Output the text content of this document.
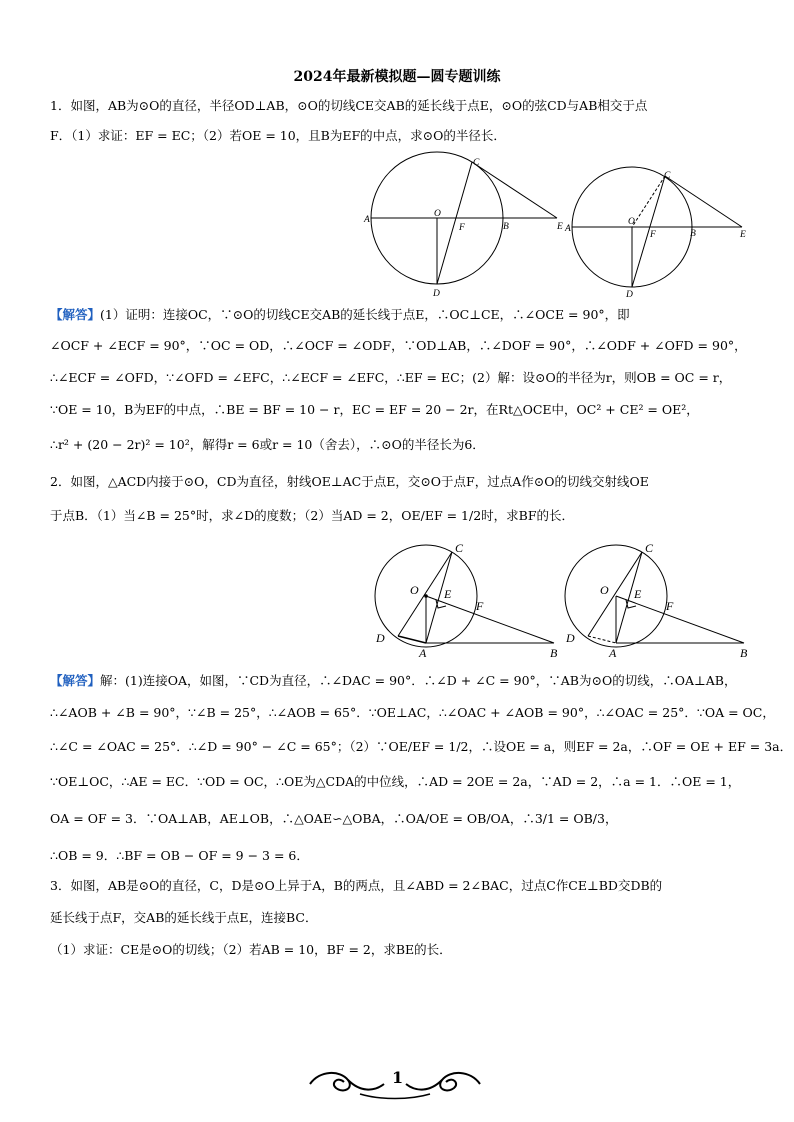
2024年最新模拟题—圆专题训练
1．如图，AB为⊙O的直径，半径OD⊥AB，⊙O的切线CE交AB的延长线于点E，⊙O的弦CD与AB相交于点
F．（1）求证：EF = EC；（2）若OE = 10，且B为EF的中点，求⊙O的半径长．
A
O
F	B	E
C
D
A
O
F	B	E
C
D
【解答】(1）证明：连接OC，∵⊙O的切线CE交AB的延长线于点E，∴OC⊥CE，∴∠OCE = 90°，即
∠OCF + ∠ECF = 90°，∵OC = OD，∴∠OCF = ∠ODF，∵OD⊥AB，∴∠DOF = 90°，∴∠ODF + ∠OFD = 90°，
∴∠ECF = ∠OFD，∵∠OFD = ∠EFC，∴∠ECF = ∠EFC，∴EF = EC；(2）解：设⊙O的半径为r，则OB = OC = r，
∵OE = 10，B为EF的中点，∴BE = BF = 10 − r，EC = EF = 20 − 2r，在Rt△OCE中，OC² + CE² = OE²，
∴r² + (20 − 2r)² = 10²，解得r = 6或r = 10（舍去），∴⊙O的半径长为6．
2．如图，△ACD内接于⊙O，CD为直径，射线OE⊥AC于点E，交⊙O于点F，过点A作⊙O的切线交射线OE
于点B．（1）当∠B = 25°时，求∠D的度数；（2）当AD = 2，OE/EF = 1/2时，求BF的长．
C
O E
F
D
A	B
C
O E
F
D
A	B
【解答】解：(1)连接OA，如图，∵CD为直径，∴∠DAC = 90°．∴∠D + ∠C = 90°，∵AB为⊙O的切线，∴OA⊥AB，
∴∠AOB + ∠B = 90°，∵∠B = 25°，∴∠AOB = 65°．∵OE⊥AC，∴∠OAC + ∠AOB = 90°，∴∠OAC = 25°．∵OA = OC，
∴∠C = ∠OAC = 25°．∴∠D = 90° − ∠C = 65°；（2）∵OE/EF = 1/2，∴设OE = a，则EF = 2a，∴OF = OE + EF = 3a．
∵OE⊥OC，∴AE = EC．∵OD = OC，∴OE为△CDA的中位线，∴AD = 2OE = 2a，∵AD = 2，∴a = 1．∴OE = 1，
OA = OF = 3．∵OA⊥AB，AE⊥OB，∴△OAE∽△OBA，∴OA/OE = OB/OA，∴3/1 = OB/3，
∴OB = 9．∴BF = OB − OF = 9 − 3 = 6．
3．如图，AB是⊙O的直径，C，D是⊙O上异于A，B的两点，且∠ABD = 2∠BAC，过点C作CE⊥BD交DB的
延长线于点F，交AB的延长线于点E，连接BC．
（1）求证：CE是⊙O的切线；（2）若AB = 10，BF = 2，求BE的长．
1
